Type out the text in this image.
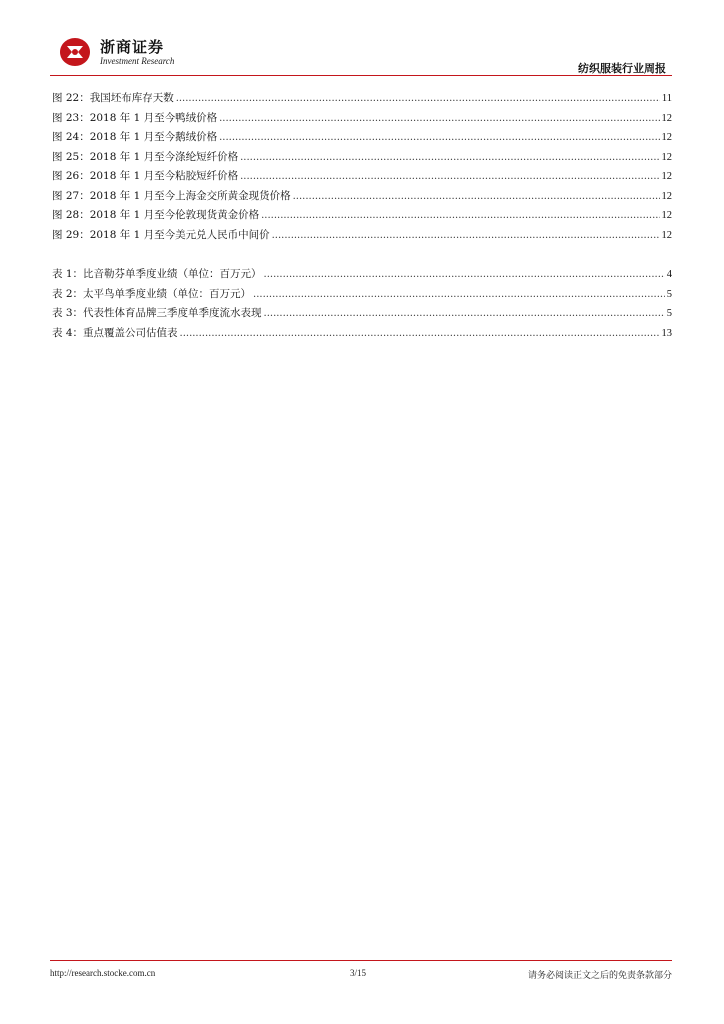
浙商证券
Investment Research
纺织服装行业周报
图 22：我国坯布库存天数 .....	11
图 23：2018 年 1 月至今鸭绒价格 .....	12
图 24：2018 年 1 月至今鹅绒价格 .....	12
图 25：2018 年 1 月至今涤纶短纤价格 .....	12
图 26：2018 年 1 月至今粘胶短纤价格 .....	12
图 27：2018 年 1 月至今上海金交所黄金现货价格 .....	12
图 28：2018 年 1 月至今伦敦现货黄金价格 .....	12
图 29：2018 年 1 月至今美元兑人民币中间价 .....	12
表 1：比音勒芬单季度业绩（单位：百万元） .....	4
表 2：太平鸟单季度业绩（单位：百万元） .....	5
表 3：代表性体育品牌三季度单季度流水表现 .....	5
表 4：重点覆盖公司估值表 .....	13
http://research.stocke.com.cn	3/15	请务必阅读正文之后的免责条款部分
